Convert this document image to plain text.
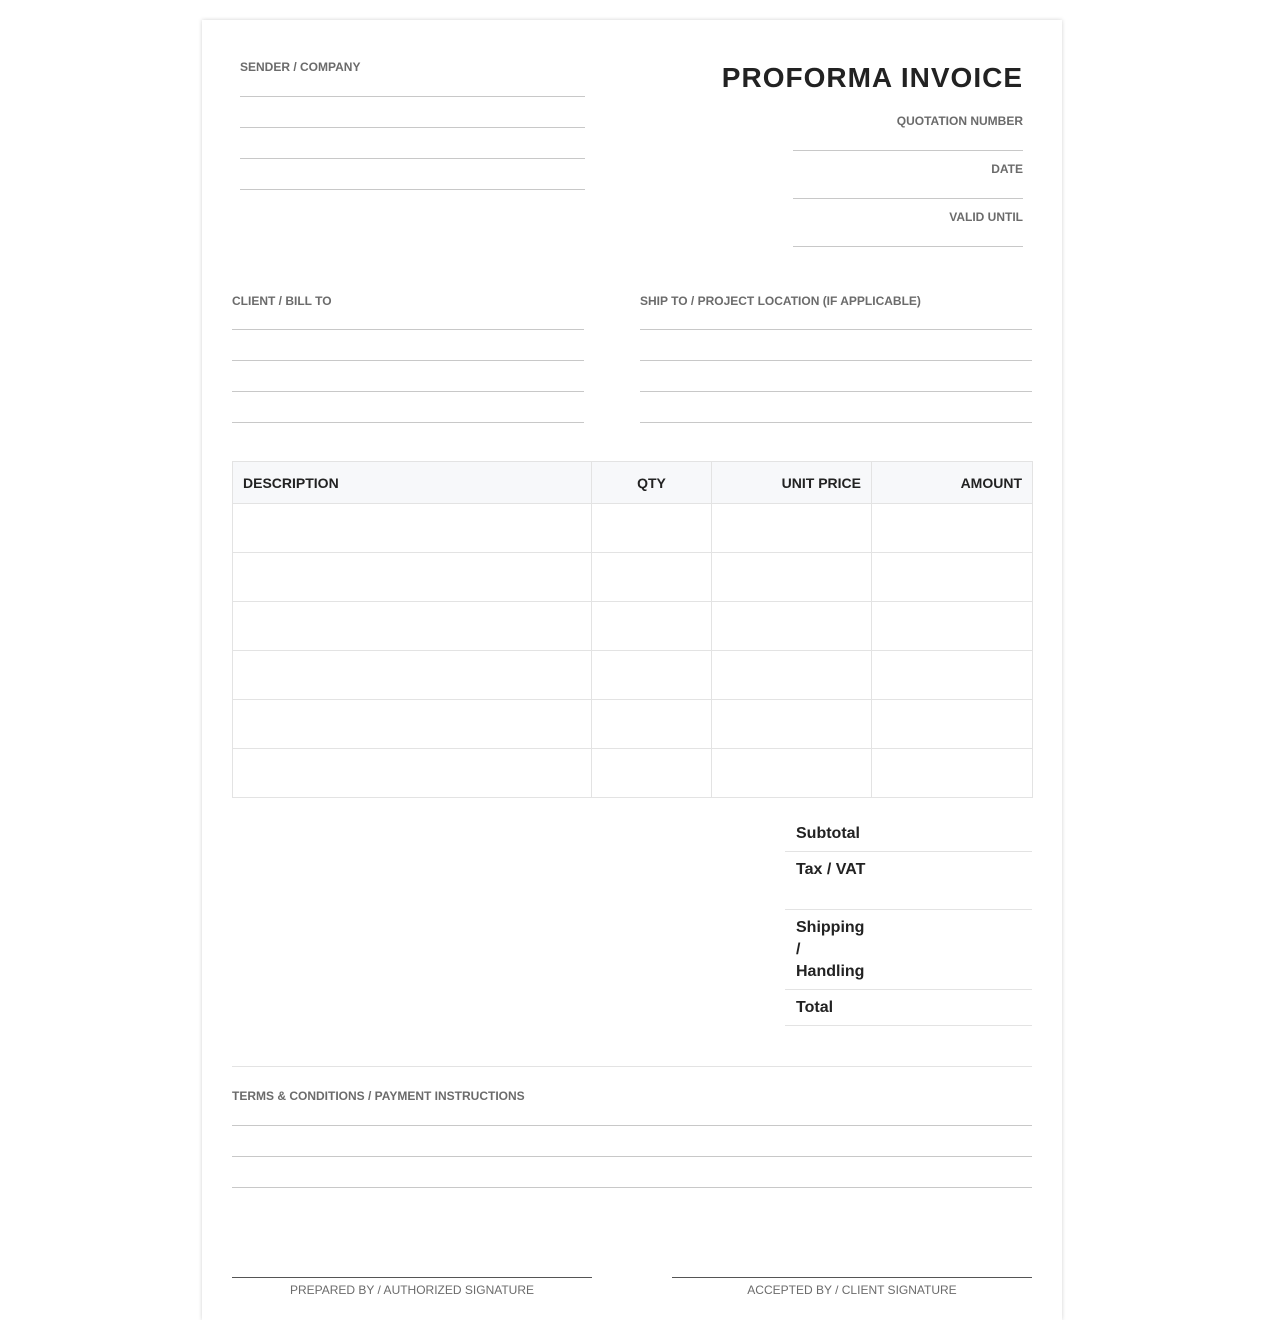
SENDER / COMPANY	PROFORMA INVOICE
QUOTATION NUMBER
DATE
VALID UNTIL
CLIENT / BILL TO	SHIP TO / PROJECT LOCATION (IF APPLICABLE)
DESCRIPTION	QTY	UNIT PRICE	AMOUNT

Subtotal
Tax / VAT
Shipping / Handling
Total
TERMS & CONDITIONS / PAYMENT INSTRUCTIONS
PREPARED BY / AUTHORIZED SIGNATURE	ACCEPTED BY / CLIENT SIGNATURE
